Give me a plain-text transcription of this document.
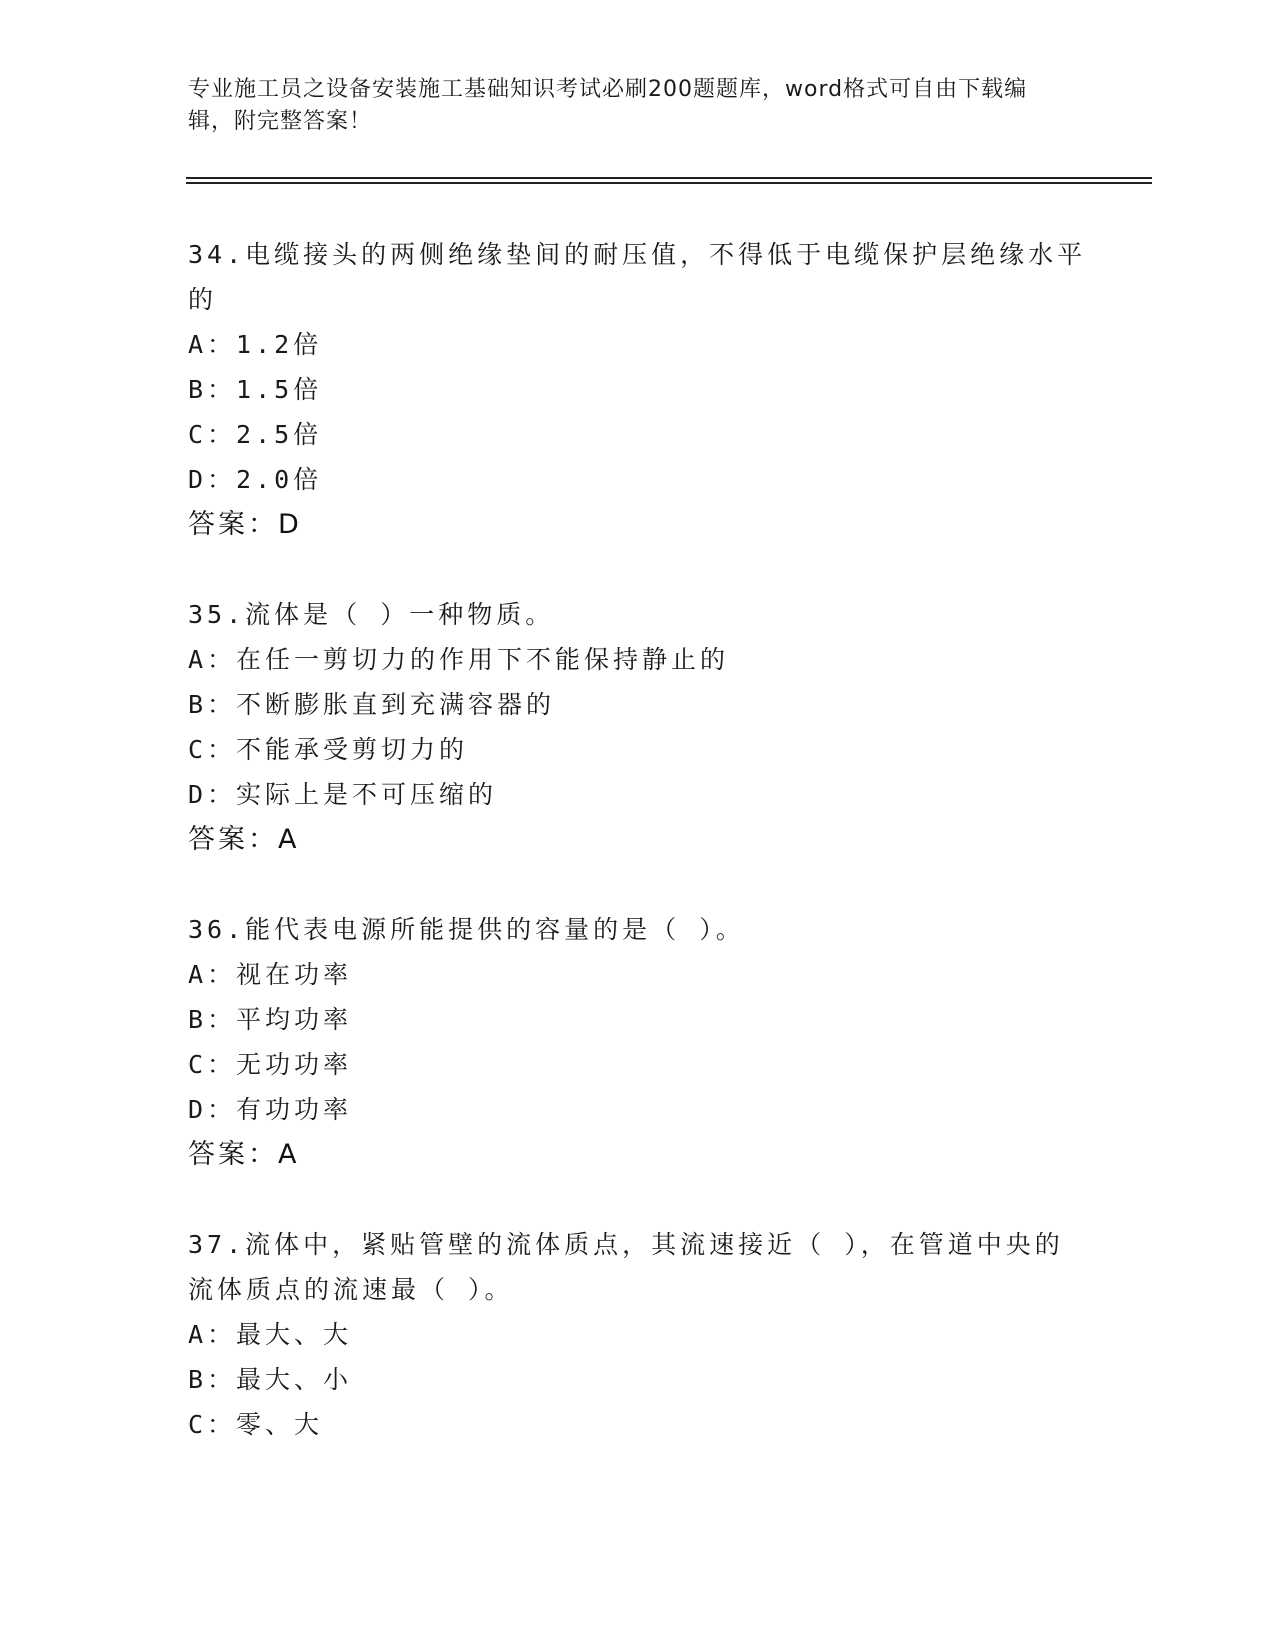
专业施工员之设备安装施工基础知识考试必刷200题题库，word格式可自由下载编辑，附完整答案！
34.电缆接头的两侧绝缘垫间的耐压值，不得低于电缆保护层绝缘水平的
A：1.2倍
B：1.5倍
C：2.5倍
D：2.0倍
答案：D
35.流体是（ ）一种物质。
A：在任一剪切力的作用下不能保持静止的
B：不断膨胀直到充满容器的
C：不能承受剪切力的
D：实际上是不可压缩的
答案：A
36.能代表电源所能提供的容量的是（ ）。
A：视在功率
B：平均功率
C：无功功率
D：有功功率
答案：A
37.流体中，紧贴管壁的流体质点，其流速接近（ ），在管道中央的流体质点的流速最（ ）。
A：最大、大
B：最大、小
C：零、大
